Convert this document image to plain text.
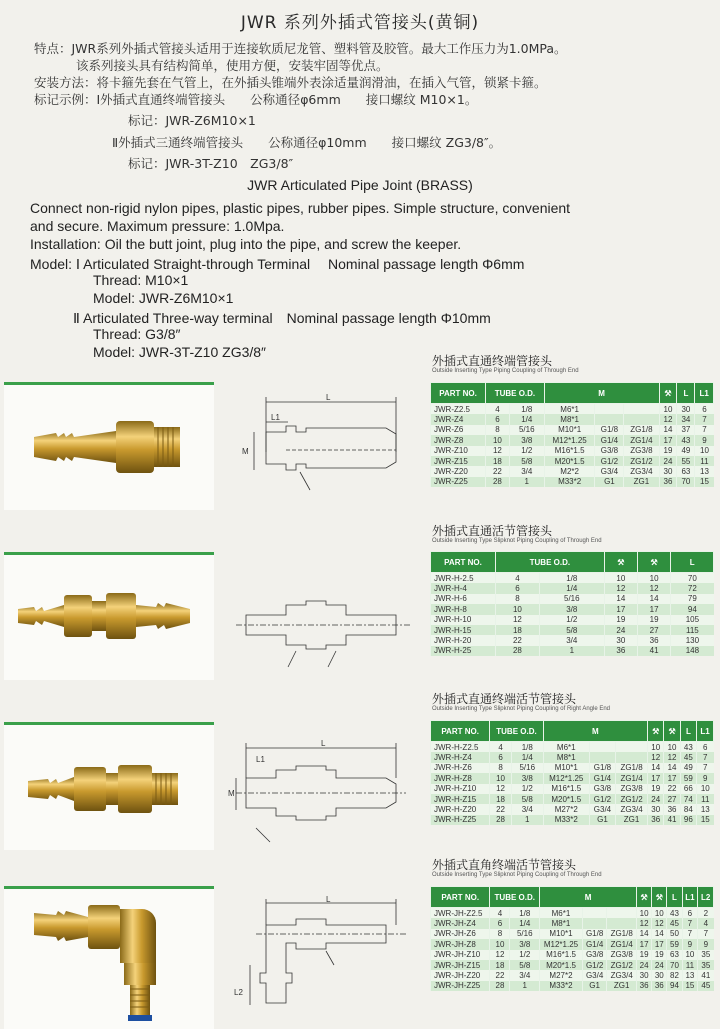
JWR 系列外插式管接头(黄铜)
特点：JWR系列外插式管接头适用于连接软质尼龙管、塑料管及胶管。最大工作压力为1.0MPa。
该系列接头具有结构简单，使用方便，安装牢固等优点。
安装方法：将卡箍先套在气管上，在外插头锥端外表涂适量润滑油，在插入气管，锁紧卡箍。
标记示例：Ⅰ外插式直通终端管接头　　公称通径φ6mm　　接口螺纹 M10×1。
标记：JWR-Z6M10×1
Ⅱ外插式三通终端管接头　　公称通径φ10mm　　接口螺纹 ZG3/8″。
标记：JWR-3T-Z10　ZG3/8″
JWR Articulated Pipe Joint (BRASS)
Connect non-rigid nylon pipes, plastic pipes, rubber pipes. Simple structure, convenient
and secure. Maximum pressure: 1.0Mpa.
Installation: Oil the butt joint, plug into the pipe, and screw the keeper.
Model: Ⅰ Articulated Straight-through Terminal　 Nominal passage length Φ6mm
Thread: M10×1
Model: JWR-Z6M10×1
Ⅱ Articulated Three-way terminal　Nominal passage length Φ10mm
Thread: G3/8″
Model: JWR-3T-Z10 ZG3/8″
L
L1
M
外插式直通终端管接头
Outside Inserting Type Piping Coupling of Through End
PART NO.	TUBE O.D.		M			⚒	L	L1
JWR-Z2.5	4	1/8	M6*1			10	30	6
JWR-Z4	6	1/4	M8*1			12	34	7
JWR-Z6	8	5/16	M10*1	G1/8	ZG1/8	14	37	7
JWR-Z8	10	3/8	M12*1.25	G1/4	ZG1/4	17	43	9
JWR-Z10	12	1/2	M16*1.5	G3/8	ZG3/8	19	49	10
JWR-Z15	18	5/8	M20*1.5	G1/2	ZG1/2	24	55	11
JWR-Z20	22	3/4	M2*2	G3/4	ZG3/4	30	63	13
JWR-Z25	28	1	M33*2	G1	ZG1	36	70	15
外插式直通活节管接头
Outside Inserting Type Slipknot Piping Coupling of Through End
PART NO.	TUBE O.D.		⚒	⚒	L
JWR-H-2.5	4	1/8	10	10	70
JWR-H-4	6	1/4	12	12	72
JWR-H-6	8	5/16	14	14	79
JWR-H-8	10	3/8	17	17	94
JWR-H-10	12	1/2	19	19	105
JWR-H-15	18	5/8	24	27	115
JWR-H-20	22	3/4	30	36	130
JWR-H-25	28	1	36	41	148
L
L1
M
外插式直通终端活节管接头
Outside Inserting Type Slipknot Piping Coupling of Right Angle End
PART NO.	TUBE O.D.		M			⚒	⚒	L	L1
JWR-H-Z2.5	4	1/8	M6*1			10	10	43	6
JWR-H-Z4	6	1/4	M8*1			12	12	45	7
JWR-H-Z6	8	5/16	M10*1	G1/8	ZG1/8	14	14	49	7
JWR-H-Z8	10	3/8	M12*1.25	G1/4	ZG1/4	17	17	59	9
JWR-H-Z10	12	1/2	M16*1.5	G3/8	ZG3/8	19	22	66	10
JWR-H-Z15	18	5/8	M20*1.5	G1/2	ZG1/2	24	27	74	11
JWR-H-Z20	22	3/4	M27*2	G3/4	ZG3/4	30	36	84	13
JWR-H-Z25	28	1	M33*2	G1	ZG1	36	41	96	15
L
L2
外插式直角终端活节管接头
Outside Inserting Type Slipknot Piping Coupling of Through End
PART NO.	TUBE O.D.		M			⚒	⚒	L	L1	L2
JWR-JH-Z2.5	4	1/8	M6*1			10	10	43	6	2
JWR-JH-Z4	6	1/4	M8*1			12	12	45	7	4
JWR-JH-Z6	8	5/16	M10*1	G1/8	ZG1/8	14	14	50	7	7
JWR-JH-Z8	10	3/8	M12*1.25	G1/4	ZG1/4	17	17	59	9	9
JWR-JH-Z10	12	1/2	M16*1.5	G3/8	ZG3/8	19	19	63	10	35
JWR-JH-Z15	18	5/8	M20*1.5	G1/2	ZG1/2	24	24	70	11	35
JWR-JH-Z20	22	3/4	M27*2	G3/4	ZG3/4	30	30	82	13	41
JWR-JH-Z25	28	1	M33*2	G1	ZG1	36	36	94	15	45
